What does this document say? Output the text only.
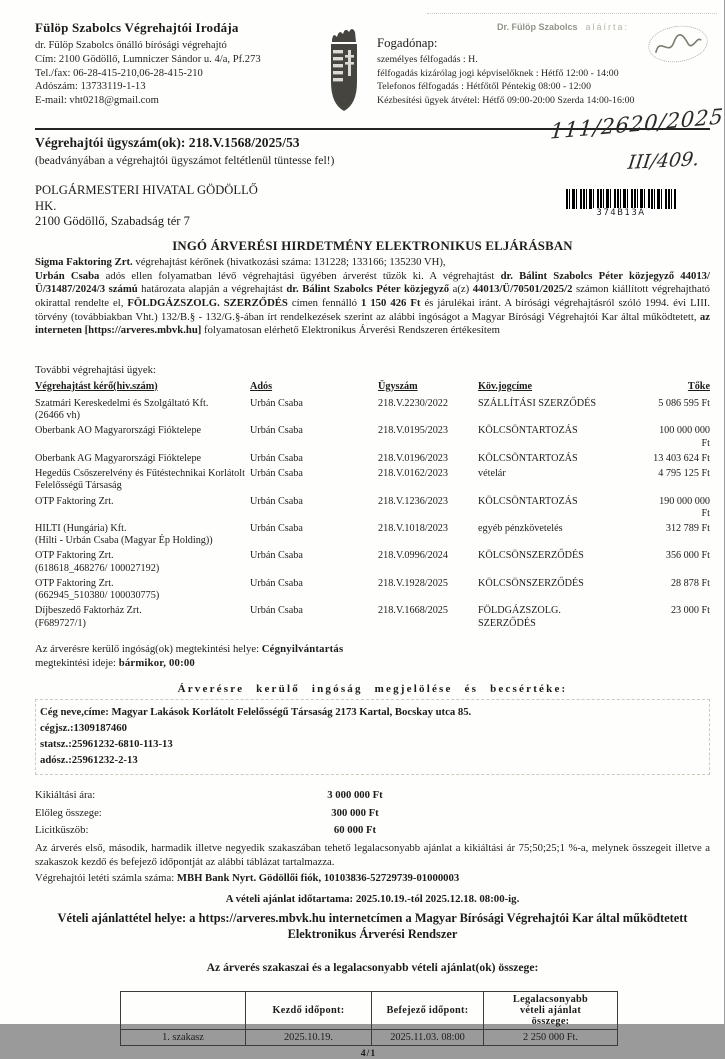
Fülöp Szabolcs Végrehajtói Irodája
dr. Fülöp Szabolcs önálló bírósági végrehajtó
Cím: 2100 Gödöllő, Lumniczer Sándor u. 4/a, Pf.273
Tel./fax: 06-28-415-210,06-28-415-210
Adószám: 13733119-1-13
E-mail: vht0218@gmail.com
Dr. Fülöp Szabolcs aláírta:
Fogadónap:
személyes félfogadás : H.
félfogadás kizárólag jogi képviselőknek : Hétfő 12:00 - 14:00
Telefonos félfogadás : Hétfőtől Péntekig 08:00 - 12:00
Kézbesítési ügyek átvétel: Hétfő 09:00-20:00 Szerda 14:00-16:00
Végrehajtói ügyszám(ok): 218.V.1568/2025/53
(beadványában a végrehajtói ügyszámot feltétlenül tüntesse fel!)
111/2620/2025
III/409.
374B13A
POLGÁRMESTERI HIVATAL GÖDÖLLŐ
HK.
2100 Gödöllő, Szabadság tér 7
INGÓ ÁRVERÉSI HIRDETMÉNY ELEKTRONIKUS ELJÁRÁSBAN
Sigma Faktoring Zrt. végrehajtást kérőnek (hivatkozási száma: 131228; 133166; 135230 VH),
Urbán Csaba adós ellen folyamatban lévő végrehajtási ügyében árverést tűzök ki. A végrehajtást dr. Bálint Szabolcs Péter közjegyző 44013/Ü/31487/2024/3 számú határozata alapján a végrehajtást dr. Bálint Szabolcs Péter közjegyző a(z) 44013/Ü/70501/2025/2 számon kiállított végrehajtható okirattal rendelte el, FÖLDGÁZSZOLG. SZERZŐDÉS címen fennálló 1 150 426 Ft és járulékai iránt. A bírósági végrehajtásról szóló 1994. évi LIII. törvény (továbbiakban Vht.) 132/B.§ - 132/G.§-ában írt rendelkezések szerint az alábbi ingóságot a Magyar Bírósági Végrehajtói Kar által működtetett, az interneten [https://arveres.mbvk.hu] folyamatosan elérhető Elektronikus Árverési Rendszeren értékesítem
További végrehajtási ügyek:
Végrehajtást kérő(hiv.szám)	Adós	Ügyszám	Köv.jogcíme	Tőke

Szatmári Kereskedelmi és Szolgáltató Kft.
(26466 vh)	Urbán Csaba	218.V.2230/2022	SZÁLLÍTÁSI SZERZŐDÉS	5 086 595 Ft

Oberbank AO Magyarországi Fióktelepe	Urbán Csaba	218.V.0195/2023	KÖLCSÖNTARTOZÁS	100 000 000
Ft

Oberbank AG Magyarországi Fióktelepe	Urbán Csaba	218.V.0196/2023	KÖLCSÖNTARTOZÁS	13 403 624 Ft

Hegedűs Csőszerelvény és Fűtéstechnikai Korlátolt
Felelősségű Társaság	Urbán Csaba	218.V.0162/2023	vételár	4 795 125 Ft

OTP Faktoring Zrt.	Urbán Csaba	218.V.1236/2023	KÖLCSÖNTARTOZÁS	190 000 000
Ft

HILTI (Hungária) Kft.
(Hilti - Urbán Csaba (Magyar Ép Holding))	Urbán Csaba	218.V.1018/2023	egyéb pénzkövetelés	312 789 Ft

OTP Faktoring Zrt.
(618618_468276/ 100027192)	Urbán Csaba	218.V.0996/2024	KÖLCSÖNSZERZŐDÉS	356 000 Ft

OTP Faktoring Zrt.
(662945_510380/ 100030775)	Urbán Csaba	218.V.1928/2025	KÖLCSÖNSZERZŐDÉS	28 878 Ft

Díjbeszedő Faktorház Zrt.
(F689727/1)	Urbán Csaba	218.V.1668/2025	FÖLDGÁZSZOLG. SZERZŐDÉS	23 000 Ft
Az árverésre kerülő ingóság(ok) megtekintési helye: Cégnyilvántartás
megtekintési ideje: bármikor, 00:00
Árverésre kerülő ingóság megjelölése és becsértéke:
Cég neve,címe: Magyar Lakások Korlátolt Felelősségű Társaság 2173 Kartal, Bocskay utca 85.
cégjsz.:1309187460
statsz.:25961232-6810-113-13
adósz.:25961232-2-13
Kikiáltási ára:	3 000 000 Ft
Előleg összege:	300 000 Ft
Licitküszöb:	60 000 Ft
Az árverés első, második, harmadik illetve negyedik szakaszában tehető legalacsonyabb ajánlat a kikiáltási ár 75;50;25;1 %-a, melynek összegeit illetve a szakaszok kezdő és befejező időpontját az alábbi táblázat tartalmazza.
Végrehajtói letéti számla száma: MBH Bank Nyrt. Gödöllői fiók, 10103836-52729739-01000003
A vételi ajánlat időtartama: 2025.10.19.-tól 2025.12.18. 08:00-ig.
Vételi ajánlattétel helye: a https://arveres.mbvk.hu internetcímen a Magyar Bírósági Végrehajtói Kar által működtetett Elektronikus Árverési Rendszer
Az árverés szakaszai és a legalacsonyabb vételi ajánlat(ok) összege:
	Kezdő időpont:	Befejező időpont:	Legalacsonyabb vételi ajánlat összege:
1. szakasz	2025.10.19.	2025.11.03. 08:00	2 250 000 Ft.
4/1
